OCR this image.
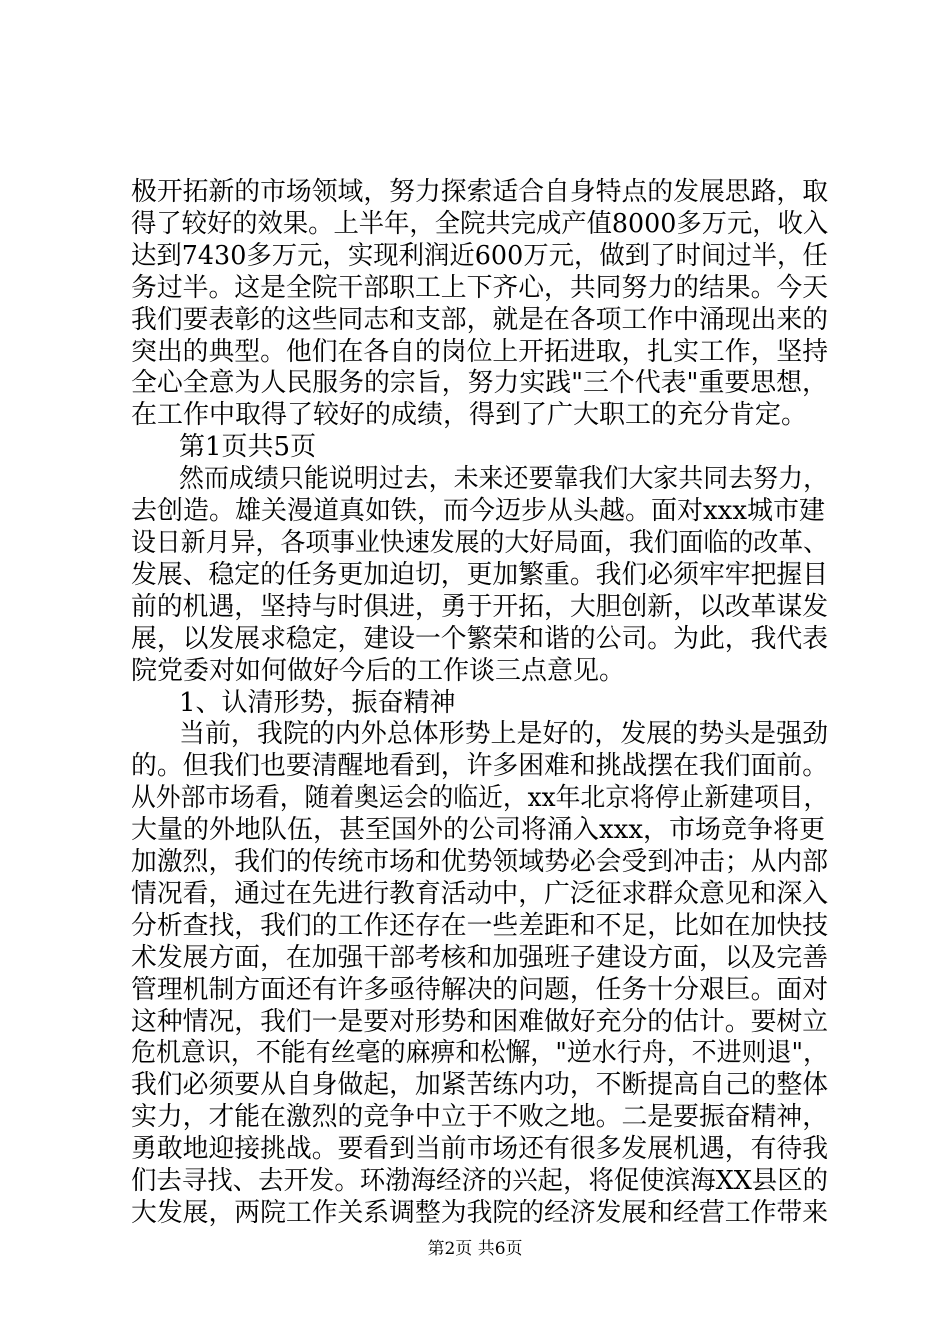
极开拓新的市场领域，努力探索适合自身特点的发展思路，取
得了较好的效果。上半年，全院共完成产值8000多万元，收入
达到7430多万元，实现利润近600万元，做到了时间过半，任
务过半。这是全院干部职工上下齐心，共同努力的结果。今天
我们要表彰的这些同志和支部，就是在各项工作中涌现出来的
突出的典型。他们在各自的岗位上开拓进取，扎实工作，坚持
全心全意为人民服务的宗旨，努力实践"三个代表"重要思想，
在工作中取得了较好的成绩，得到了广大职工的充分肯定。
第1页共5页
然而成绩只能说明过去，未来还要靠我们大家共同去努力，
去创造。雄关漫道真如铁，而今迈步从头越。面对xxx城市建
设日新月异，各项事业快速发展的大好局面，我们面临的改革、
发展、稳定的任务更加迫切，更加繁重。我们必须牢牢把握目
前的机遇，坚持与时俱进，勇于开拓，大胆创新，以改革谋发
展，以发展求稳定，建设一个繁荣和谐的公司。为此，我代表
院党委对如何做好今后的工作谈三点意见。
1、认清形势，振奋精神
当前，我院的内外总体形势上是好的，发展的势头是强劲
的。但我们也要清醒地看到，许多困难和挑战摆在我们面前。
从外部市场看，随着奥运会的临近，xx年北京将停止新建项目，
大量的外地队伍，甚至国外的公司将涌入xxx，市场竞争将更
加激烈，我们的传统市场和优势领域势必会受到冲击；从内部
情况看，通过在先进行教育活动中，广泛征求群众意见和深入
分析查找，我们的工作还存在一些差距和不足，比如在加快技
术发展方面，在加强干部考核和加强班子建设方面，以及完善
管理机制方面还有许多亟待解决的问题，任务十分艰巨。面对
这种情况，我们一是要对形势和困难做好充分的估计。要树立
危机意识，不能有丝毫的麻痹和松懈，"逆水行舟，不进则退"，
我们必须要从自身做起，加紧苦练内功，不断提高自己的整体
实力，才能在激烈的竞争中立于不败之地。二是要振奋精神，
勇敢地迎接挑战。要看到当前市场还有很多发展机遇，有待我
们去寻找、去开发。环渤海经济的兴起，将促使滨海XX县区的
大发展，两院工作关系调整为我院的经济发展和经营工作带来
第2页 共6页
